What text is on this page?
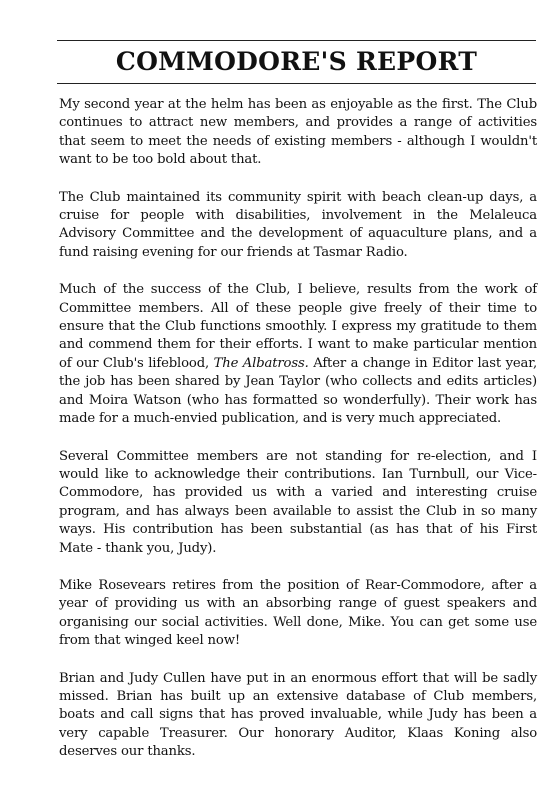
COMMODORE'S REPORT

My second year at the helm has been as enjoyable as the first. The Club continues to attract new members, and provides a range of activities that seem to meet the needs of existing members - although I wouldn't want to be too bold about that.

The Club maintained its community spirit with beach clean-up days, a cruise for people with disabilities, involvement in the Melaleuca Advisory Committee and the development of aquaculture plans, and a fund raising evening for our friends at Tasmar Radio.

Much of the success of the Club, I believe, results from the work of Committee members. All of these people give freely of their time to ensure that the Club functions smoothly. I express my gratitude to them and commend them for their efforts. I want to make particular mention of our Club's lifeblood, The Albatross. After a change in Editor last year, the job has been shared by Jean Taylor (who collects and edits articles) and Moira Watson (who has formatted so wonderfully). Their work has made for a much-envied publication, and is very much appreciated.

Several Committee members are not standing for re-election, and I would like to acknowledge their contributions. Ian Turnbull, our Vice-Commodore, has provided us with a varied and interesting cruise program, and has always been available to assist the Club in so many ways. His contribution has been substantial (as has that of his First Mate - thank you, Judy).

Mike Rosevears retires from the position of Rear-Commodore, after a year of providing us with an absorbing range of guest speakers and organising our social activities. Well done, Mike. You can get some use from that winged keel now!

Brian and Judy Cullen have put in an enormous effort that will be sadly missed. Brian has built up an extensive database of Club members, boats and call signs that has proved invaluable, while Judy has been a very capable Treasurer. Our honorary Auditor, Klaas Koning also deserves our thanks.
